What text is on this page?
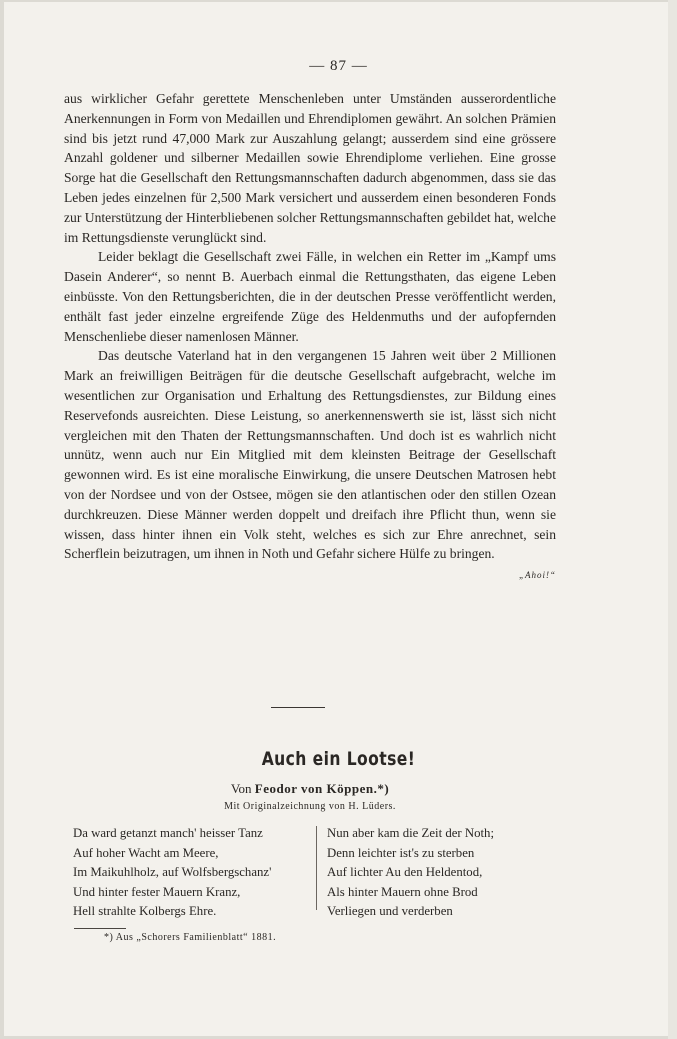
— 87 —

aus wirklicher Gefahr gerettete Menschenleben unter Umständen ausserordentliche Anerkennungen in Form von Medaillen und Ehrendiplomen gewährt. An solchen Prämien sind bis jetzt rund 47,000 Mark zur Auszahlung gelangt; ausserdem sind eine grössere Anzahl goldener und silberner Medaillen sowie Ehrendiplome verliehen. Eine grosse Sorge hat die Gesellschaft den Rettungsmannschaften dadurch abgenommen, dass sie das Leben jedes einzelnen für 2,500 Mark versichert und ausserdem einen besonderen Fonds zur Unterstützung der Hinterbliebenen solcher Rettungsmannschaften gebildet hat, welche im Rettungsdienste verunglückt sind.

Leider beklagt die Gesellschaft zwei Fälle, in welchen ein Retter im „Kampf ums Dasein Anderer“, so nennt B. Auerbach einmal die Rettungsthaten, das eigene Leben einbüsste. Von den Rettungsberichten, die in der deutschen Presse veröffentlicht werden, enthält fast jeder einzelne ergreifende Züge des Heldenmuths und der aufopfernden Menschenliebe dieser namenlosen Männer.

Das deutsche Vaterland hat in den vergangenen 15 Jahren weit über 2 Millionen Mark an freiwilligen Beiträgen für die deutsche Gesellschaft aufgebracht, welche im wesentlichen zur Organisation und Erhaltung des Rettungsdienstes, zur Bildung eines Reservefonds ausreichten. Diese Leistung, so anerkennenswerth sie ist, lässt sich nicht vergleichen mit den Thaten der Rettungsmannschaften. Und doch ist es wahrlich nicht unnütz, wenn auch nur Ein Mitglied mit dem kleinsten Beitrage der Gesellschaft gewonnen wird. Es ist eine moralische Einwirkung, die unsere Deutschen Matrosen hebt von der Nordsee und von der Ostsee, mögen sie den atlantischen oder den stillen Ozean durchkreuzen. Diese Männer werden doppelt und dreifach ihre Pflicht thun, wenn sie wissen, dass hinter ihnen ein Volk steht, welches es sich zur Ehre anrechnet, sein Scherflein beizutragen, um ihnen in Noth und Gefahr sichere Hülfe zu bringen.
„Ahoi!“

Auch ein Lootse!
Von Feodor von Köppen.*)
Mit Originalzeichnung von H. Lüders.
Da ward getanzt manch' heisser Tanz
Auf hoher Wacht am Meere,
Im Maikuhlholz, auf Wolfsbergschanz'
Und hinter fester Mauern Kranz,
Hell strahlte Kolbergs Ehre.
Nun aber kam die Zeit der Noth;
Denn leichter ist's zu sterben
Auf lichter Au den Heldentod,
Als hinter Mauern ohne Brod
Verliegen und verderben
*) Aus „Schorers Familienblatt“ 1881.
